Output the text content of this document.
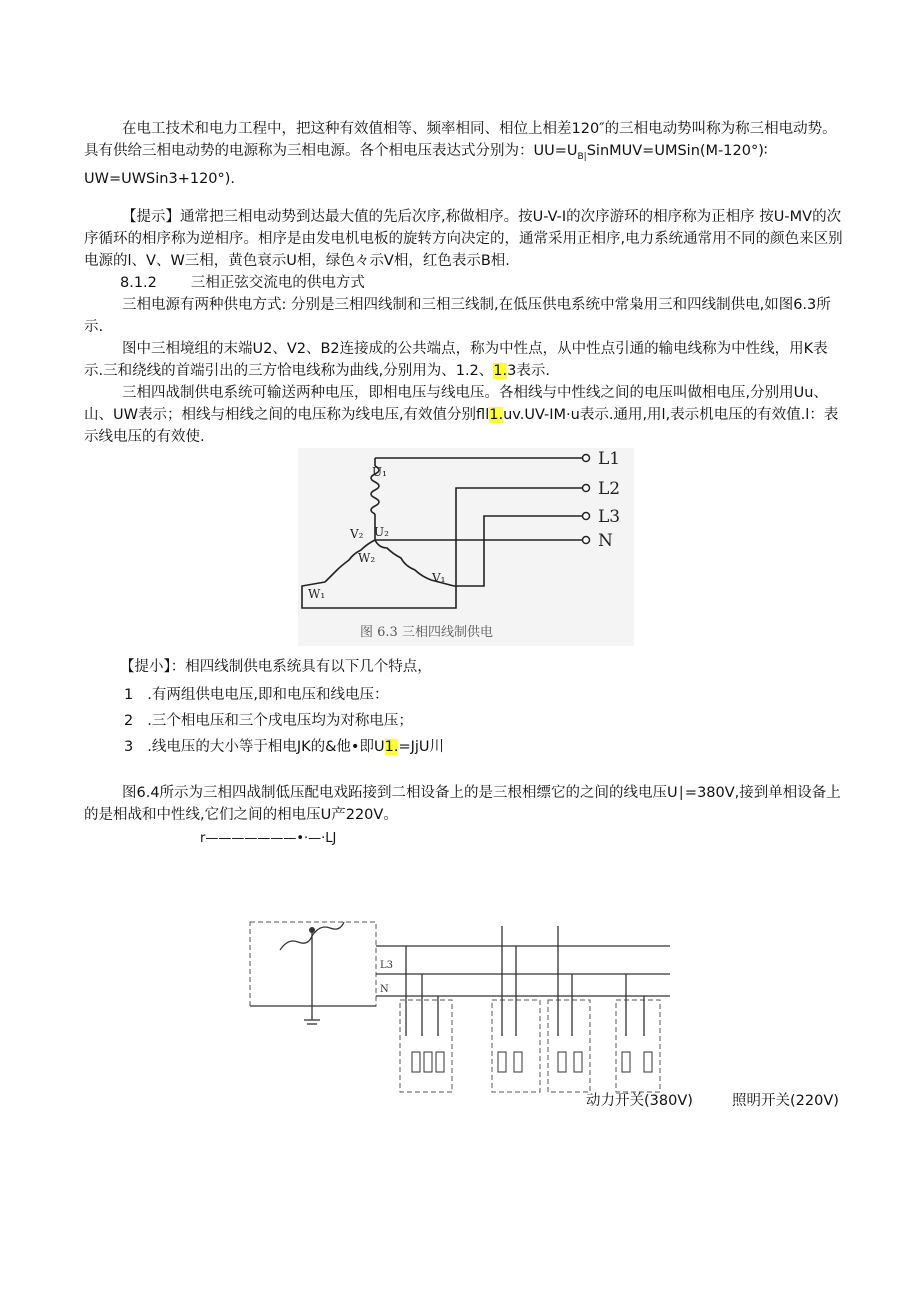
在电工技术和电力工程中，把这种有效值相等、频率相同、相位上相差120″的三相电动势叫称为称三相电动势。具有供给三相电动势的电源称为三相电源。各个相电压表达式分别为：$UU=U_{B|}SinMUV=UMSin(M-120^\circ)∶$
UW=UWSin3+120°).

【提示】通常把三相电动势到达最大值的先后次序,称做相序。按U-V-I的次序游环的相序称为正相序 按U-MV的次序循环的相序称为逆相序。相序是由发电机电板的旋转方向决定的，通常采用正相序,电力系统通常用不同的颜色来区别电源的l、V、W三相，黄色衰示U相，绿色々示V相，红色表示B相.

8.1.2 三相正弦交流电的供电方式

三相电源有两种供电方式: 分别是三相四线制和三相三线制,在低压供电系统中常枭用三和四线制供电,如图6.3所示.

图中三相境组的末端U2、V2、B2连接成的公共端点，称为中性点，从中性点引通的输电线称为中性线，用K表示.三和绕线的首端引出的三方恰电线称为曲线,分别用为、1.2、1.3表示.

三相四战制供电系统可输送两种电压，即相电压与线电压。各相线与中性线之间的电压叫做相电压,分别用Uu、山、UW表示；相线与相线之间的电压称为线电压,有效值分别fll1.uv.UV-IM·u表示.通用,用l,表示机电压的有效值.l：表示线电压的有效使.

L1
L2
L3
N
U₁
U₂
V₂
W₂
V₁
W₁
图 6.3 三相四线制供电
【提小】：相四线制供电系统具有以下几个特点，
1 .有两组供电电压,即和电压和线电压：
2 .三个相电压和三个戌电压均为对称电压；
3 .线电压的大小等于相电JK的&他•即U1.=JjU川

图6.4所示为三相四战制低压配电戏跖接到二相设备上的是三根相缥它的之间的线电压U∣=380V,接到单相设备上的是相战和中性线,它们之间的相电压U产220V。

r———————•·—·LJ
L3
N
动力开关(380V)	照明开关(220V)
